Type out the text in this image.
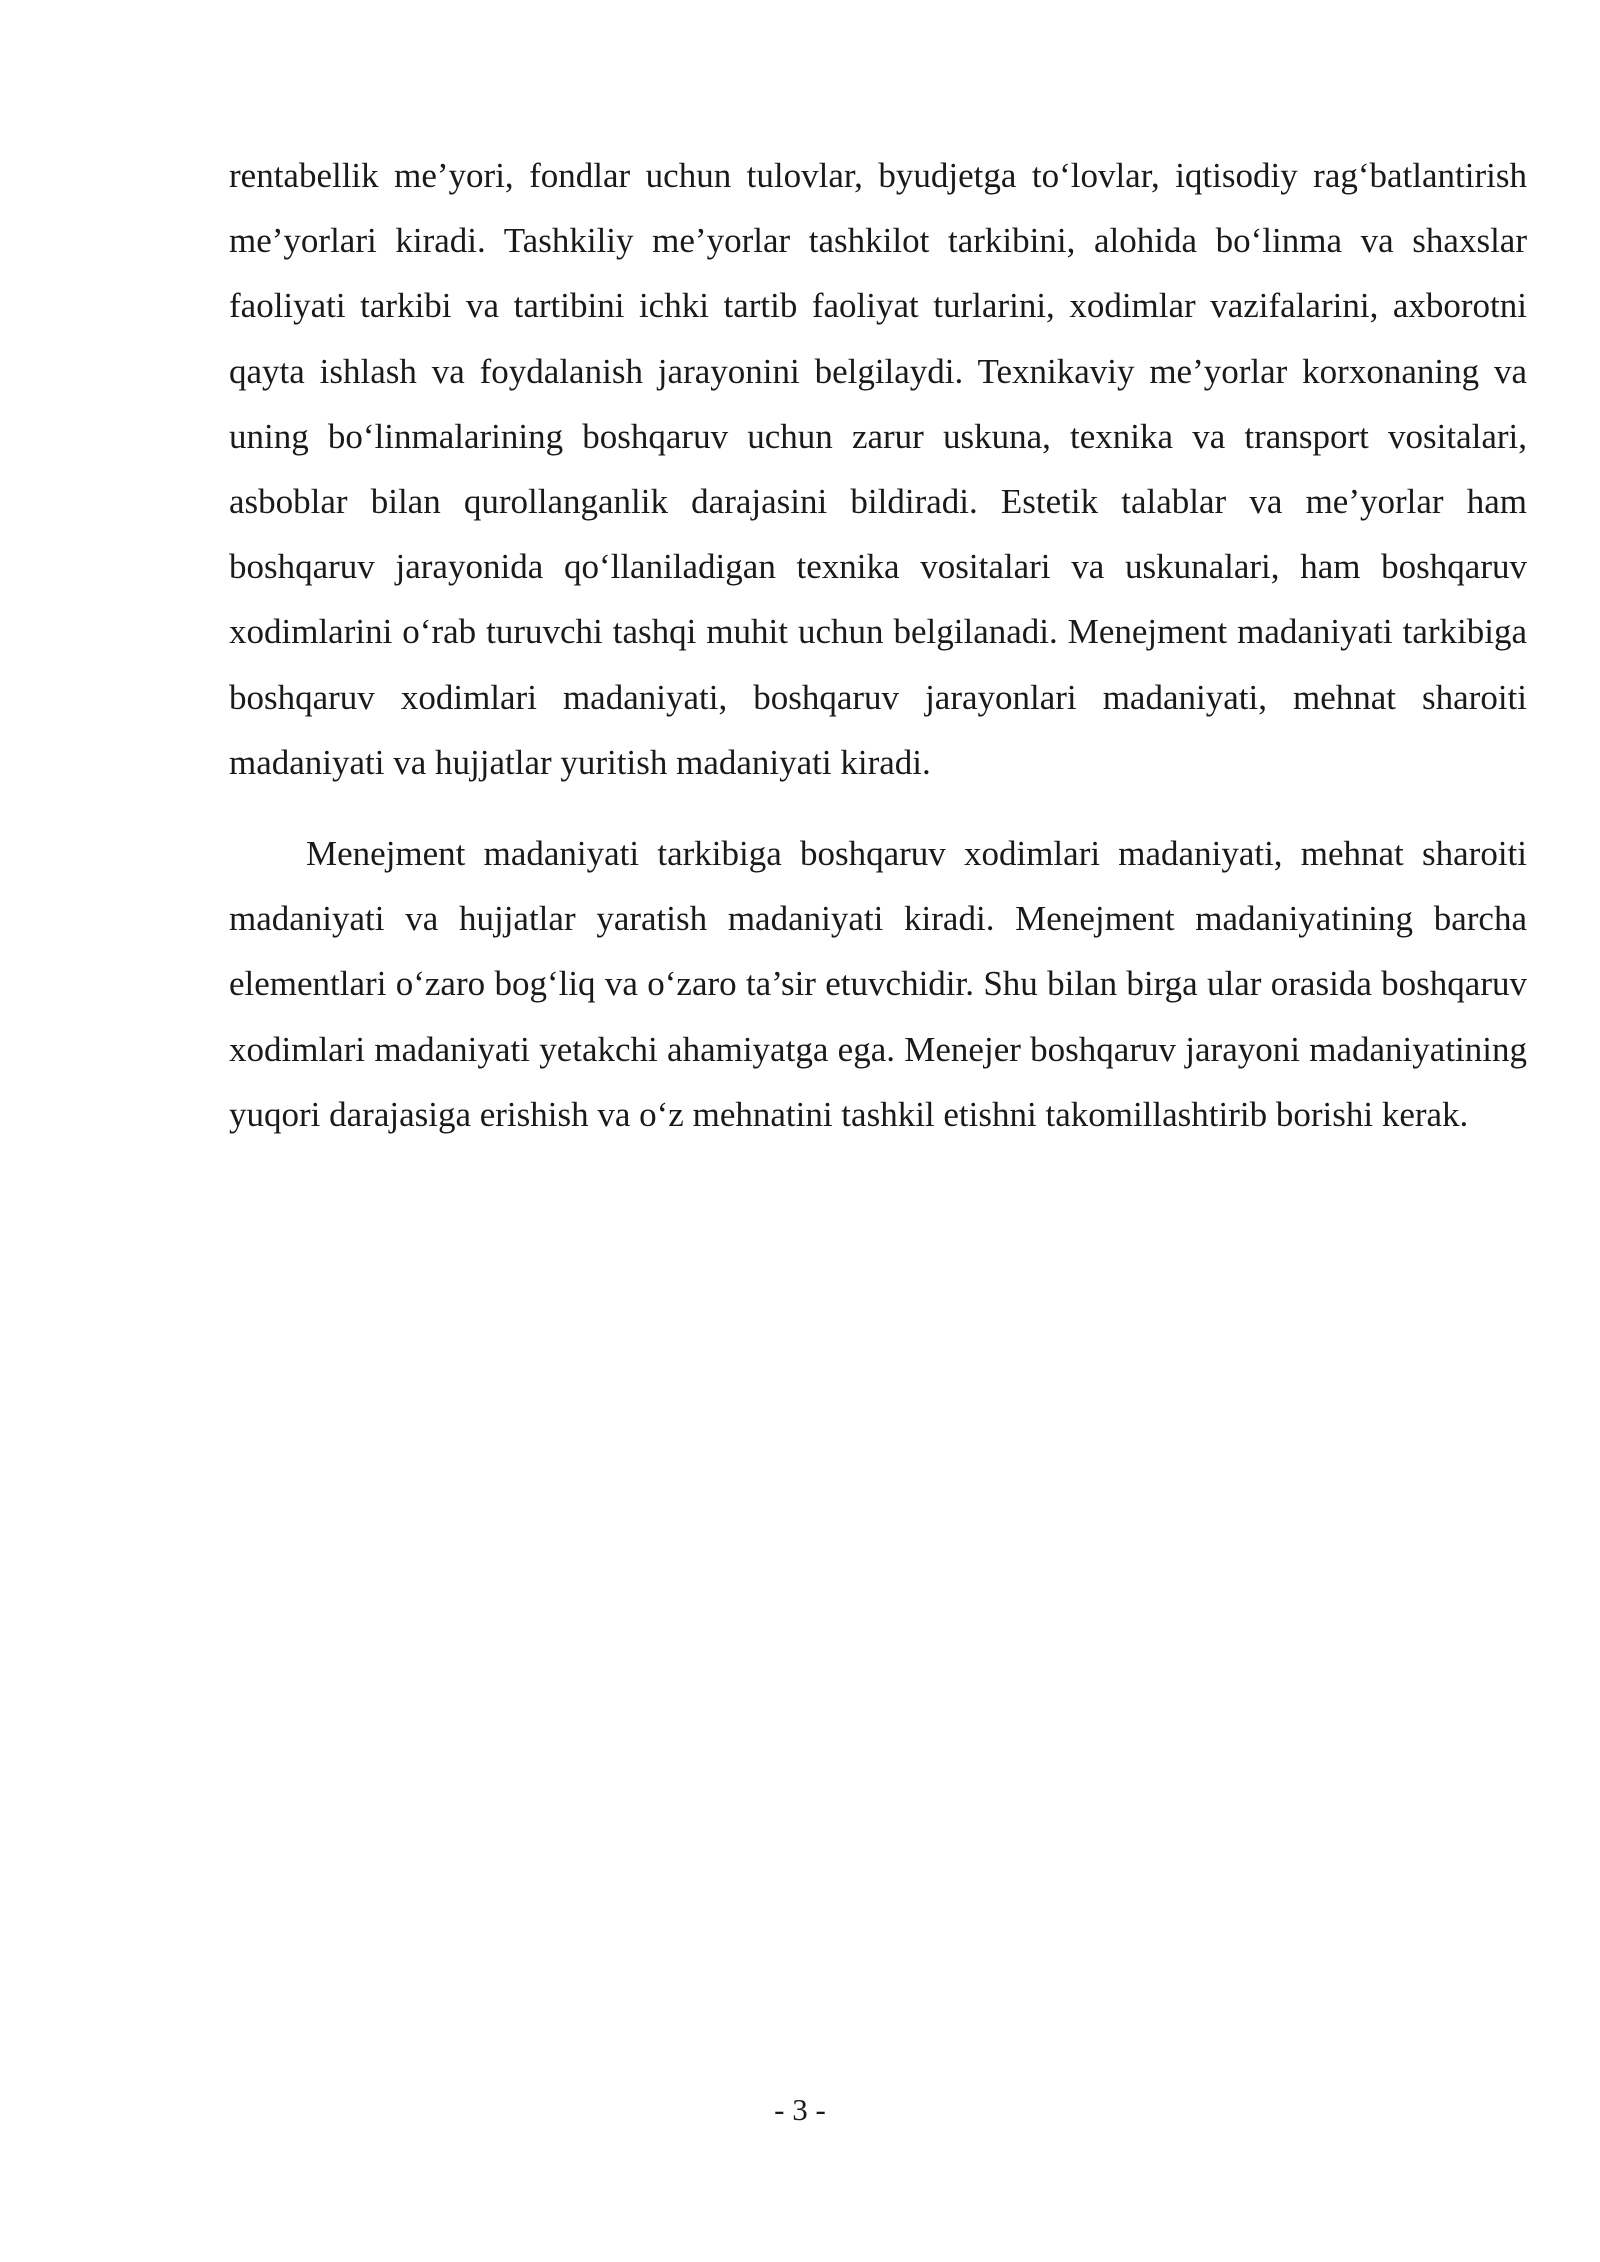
rentabellik me’yori, fondlar uchun tulovlar, byudjetga to‘lovlar, iqtisodiy rag‘batlantirish me’yorlari kiradi. Tashkiliy me’yorlar tashkilot tarkibini, alohida bo‘linma va shaxslar faoliyati tarkibi va tartibini ichki tartib faoliyat turlarini, xodimlar vazifalarini, axborotni qayta ishlash va foydalanish jarayonini belgilaydi. Texnikaviy me’yorlar korxonaning va uning bo‘linmalarining boshqaruv uchun zarur uskuna, texnika va transport vositalari, asboblar bilan qurollanganlik darajasini bildiradi. Estetik talablar va me’yorlar ham boshqaruv jarayonida qo‘llaniladigan texnika vositalari va uskunalari, ham boshqaruv xodimlarini o‘rab turuvchi tashqi muhit uchun belgilanadi. Menejment madaniyati tarkibiga boshqaruv xodimlari madaniyati, boshqaruv jarayonlari madaniyati, mehnat sharoiti madaniyati va hujjatlar yuritish madaniyati kiradi.

Menejment madaniyati tarkibiga boshqaruv xodimlari madaniyati, mehnat sharoiti madaniyati va hujjatlar yaratish madaniyati kiradi. Menejment madaniyatining barcha elementlari o‘zaro bog‘liq va o‘zaro ta’sir etuvchidir. Shu bilan birga ular orasida boshqaruv xodimlari madaniyati yetakchi ahamiyatga ega. Menejer boshqaruv jarayoni madaniyatining yuqori darajasiga erishish va o‘z mehnatini tashkil etishni takomillashtirib borishi kerak.

- 3 -
